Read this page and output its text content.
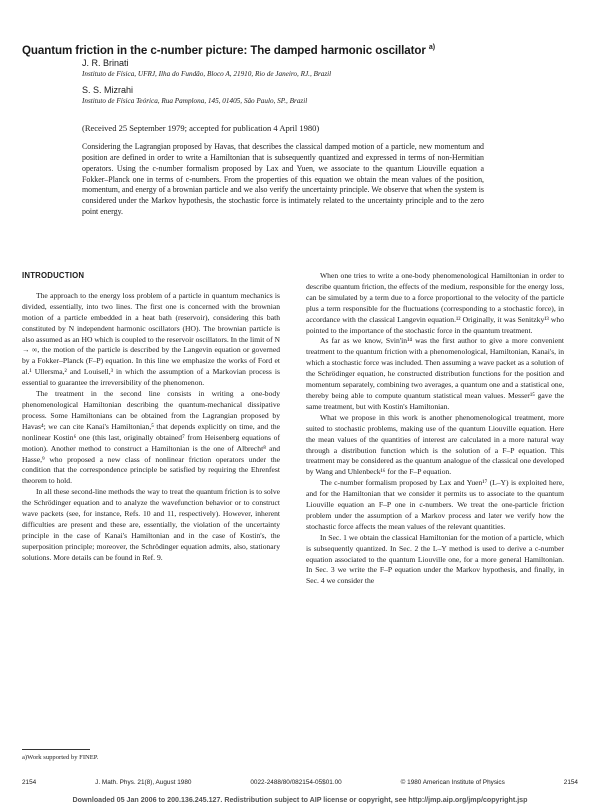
Quantum friction in the c-number picture: The damped harmonic oscillator $^{a)}$
J. R. Brinati
Instituto de Física, UFRJ, Ilha do Fundão, Bloco A, 21910, Rio de Janeiro, RJ., Brazil
S. S. Mizrahi
Instituto de Física Teórica, Rua Pamplona, 145, 01405, São Paulo, SP., Brazil
(Received 25 September 1979; accepted for publication 4 April 1980)
Considering the Lagrangian proposed by Havas, that describes the classical damped motion of a particle, new momentum and position are defined in order to write a Hamiltonian that is subsequently quantized and expressed in terms of non-Hermitian operators. Using the c-number formalism proposed by Lax and Yuen, we associate to the quantum Liouville equation a Fokker–Planck one in terms of c-numbers. From the properties of this equation we obtain the mean values of the position, momentum, and energy of a brownian particle and we also verify the uncertainty principle. We observe that when the system is considered under the Markov hypothesis, the stochastic force is intimately related to the uncertainty principle and to the zero point energy.
INTRODUCTION

The approach to the energy loss problem of a particle in quantum mechanics is divided, essentially, into two lines. The first one is concerned with the brownian motion of a particle embedded in a heat bath (reservoir), considering this bath constituted by N independent harmonic oscillators (HO). The brownian particle is also assumed as an HO which is coupled to the reservoir oscillators. In the limit of N → ∞, the motion of the particle is described by the Langevin equation or governed by a Fokker–Planck (F–P) equation. In this line we emphasize the works of Ford et al.¹ Ullersma,² and Louisell,³ in which the assumption of a Markovian process is essential to guarantee the irreversibility of the phenomenon.

The treatment in the second line consists in writing a one-body phenomenological Hamiltonian describing the quantum-mechanical dissipative process. Some Hamiltonians can be obtained from the Lagrangian proposed by Havas⁴; we can cite Kanai's Hamiltonian,⁵ that depends explicitly on time, and the nonlinear Kostin⁶ one (this last, originally obtained⁷ from Heisenberg equations of motion). Another method to construct a Hamiltonian is the one of Albrecht⁸ and Hasse,⁹ who proposed a new class of nonlinear friction operators under the condition that the correspondence principle be satisfied by requiring the Ehrenfest theorem to hold.

In all these second-line methods the way to treat the quantum friction is to solve the Schrödinger equation and to analyze the wavefunction behavior or to construct wave packets (see, for instance, Refs. 10 and 11, respectively). However, inherent difficulties are present and these are, essentially, the violation of the uncertainty principle in the case of Kanai's Hamiltonian and in the case of Kostin's, the superposition principle; moreover, the Schrödinger equation admits, also, stationary solutions. More details can be found in Ref. 9.

When one tries to write a one-body phenomenological Hamiltonian in order to describe quantum friction, the effects of the medium, responsible for the energy loss, can be simulated by a term due to a force proportional to the velocity of the particle plus a term responsible for the fluctuations (corresponding to a stochastic force), in accordance with the classical Langevin equation.¹² Originally, it was Senitzky¹³ who pointed to the importance of the stochastic force in the quantum treatment.

As far as we know, Svin'in¹⁴ was the first author to give a more convenient treatment to the quantum friction with a phenomenological, Hamiltonian, Kanai's, in which a stochastic force was included. Then assuming a wave packet as a solution of the Schrödinger equation, he constructed distribution functions for the position and momentum separately, combining two averages, a quantum one and a statistical one, thereby being able to compute quantum statistical mean values. Messer¹⁵ gave the same treatment, but with Kostin's Hamiltonian.

What we propose in this work is another phenomenological treatment, more suited to stochastic problems, making use of the quantum Liouville equation. Here the mean values of the quantities of interest are calculated in a more natural way through a distribution function which is the solution of a F–P equation. This treatment may be considered as the quantum analogue of the classical one developed by Wang and Uhlenbeck¹⁶ for the F–P equation.

The c-number formalism proposed by Lax and Yuen¹⁷ (L–Y) is exploited here, and for the Hamiltonian that we consider it permits us to associate to the quantum Liouville equation an F–P one in c-numbers. We treat the one-particle friction problem under the assumption of a Markov process and later we verify how the stochastic force affects the mean values of the relevant quantities.

In Sec. 1 we obtain the classical Hamiltonian for the motion of a particle, which is subsequently quantized. In Sec. 2 the L–Y method is used to derive a c-number equation associated to the quantum Liouville one, for a more general Hamiltonian. In Sec. 3 we write the F–P equation under the Markov hypothesis, and finally, in Sec. 4 we consider the

a)Work supported by FINEP.
2154	J. Math. Phys. 21(8), August 1980	0022-2488/80/082154-05$01.00	© 1980 American Institute of Physics	2154
Downloaded 05 Jan 2006 to 200.136.245.127. Redistribution subject to AIP license or copyright, see http://jmp.aip.org/jmp/copyright.jsp
